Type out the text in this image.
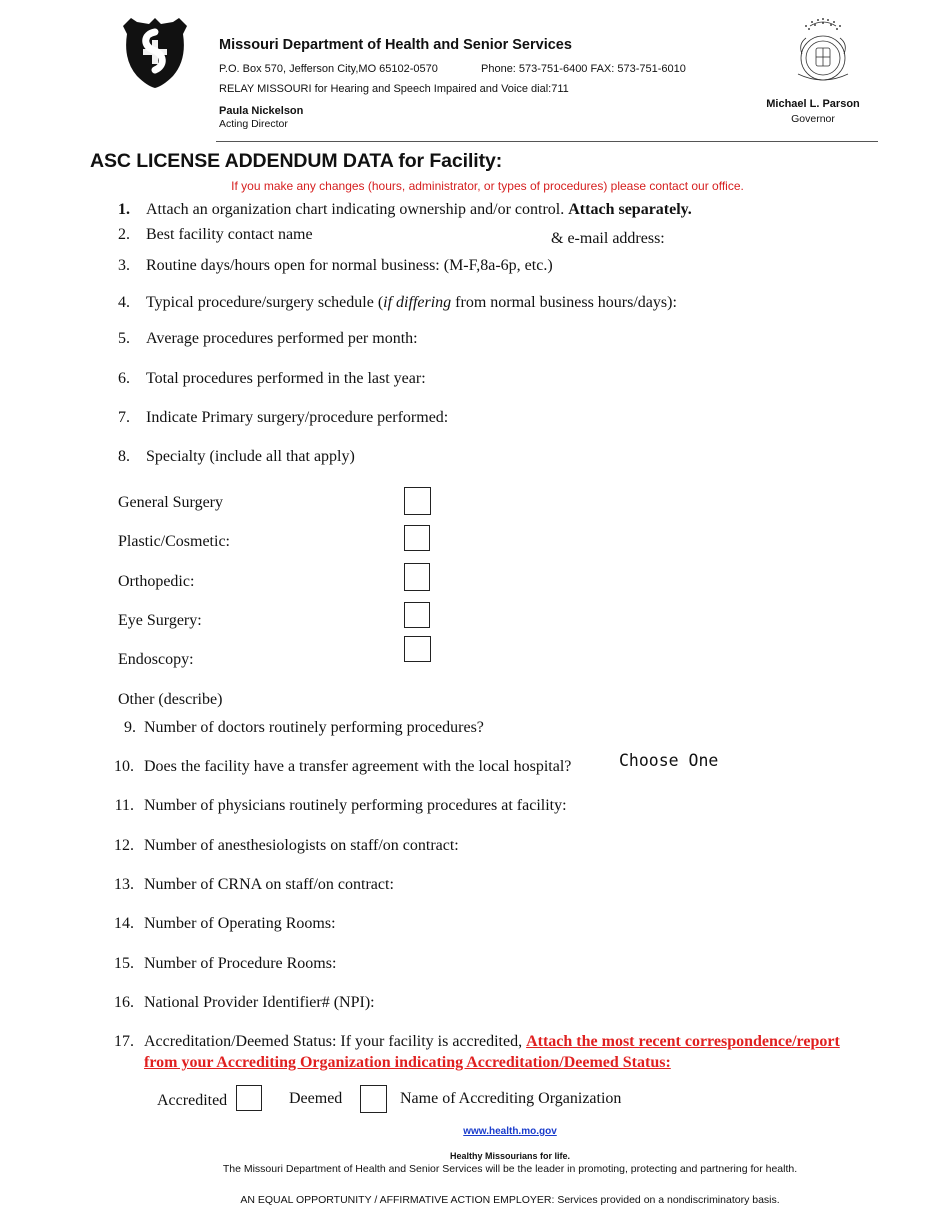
Missouri Department of Health and Senior Services
P.O. Box 570, Jefferson City,MO 65102-0570	Phone: 573-751-6400 FAX: 573-751-6010
RELAY MISSOURI for Hearing and Speech Impaired and Voice dial:711
Paula Nickelson
Acting Director
Michael L. Parson
Governor
ASC LICENSE ADDENDUM DATA for Facility:
If you make any changes (hours, administrator, or types of procedures) please contact our office.
1. Attach an organization chart indicating ownership and/or control. Attach separately.
2. Best facility contact name	& e-mail address:
3. Routine days/hours open for normal business: (M-F,8a-6p, etc.)
4. Typical procedure/surgery schedule (if differing from normal business hours/days):
5. Average procedures performed per month:
6. Total procedures performed in the last year:
7. Indicate Primary surgery/procedure performed:
8. Specialty (include all that apply)
General Surgery
Plastic/Cosmetic:
Orthopedic:
Eye Surgery:
Endoscopy:
Other (describe)
9. Number of doctors routinely performing procedures?
10. Does the facility have a transfer agreement with the local hospital?	Choose One
11. Number of physicians routinely performing procedures at facility:
12. Number of anesthesiologists on staff/on contract:
13. Number of CRNA on staff/on contract:
14. Number of Operating Rooms:
15. Number of Procedure Rooms:
16. National Provider Identifier# (NPI):
17. Accreditation/Deemed Status: If your facility is accredited, Attach the most recent correspondence/report
from your Accrediting Organization indicating Accreditation/Deemed Status:
Accredited	Deemed	Name of Accrediting Organization
www.health.mo.gov
Healthy Missourians for life.
The Missouri Department of Health and Senior Services will be the leader in promoting, protecting and partnering for health.
AN EQUAL OPPORTUNITY / AFFIRMATIVE ACTION EMPLOYER: Services provided on a nondiscriminatory basis.
